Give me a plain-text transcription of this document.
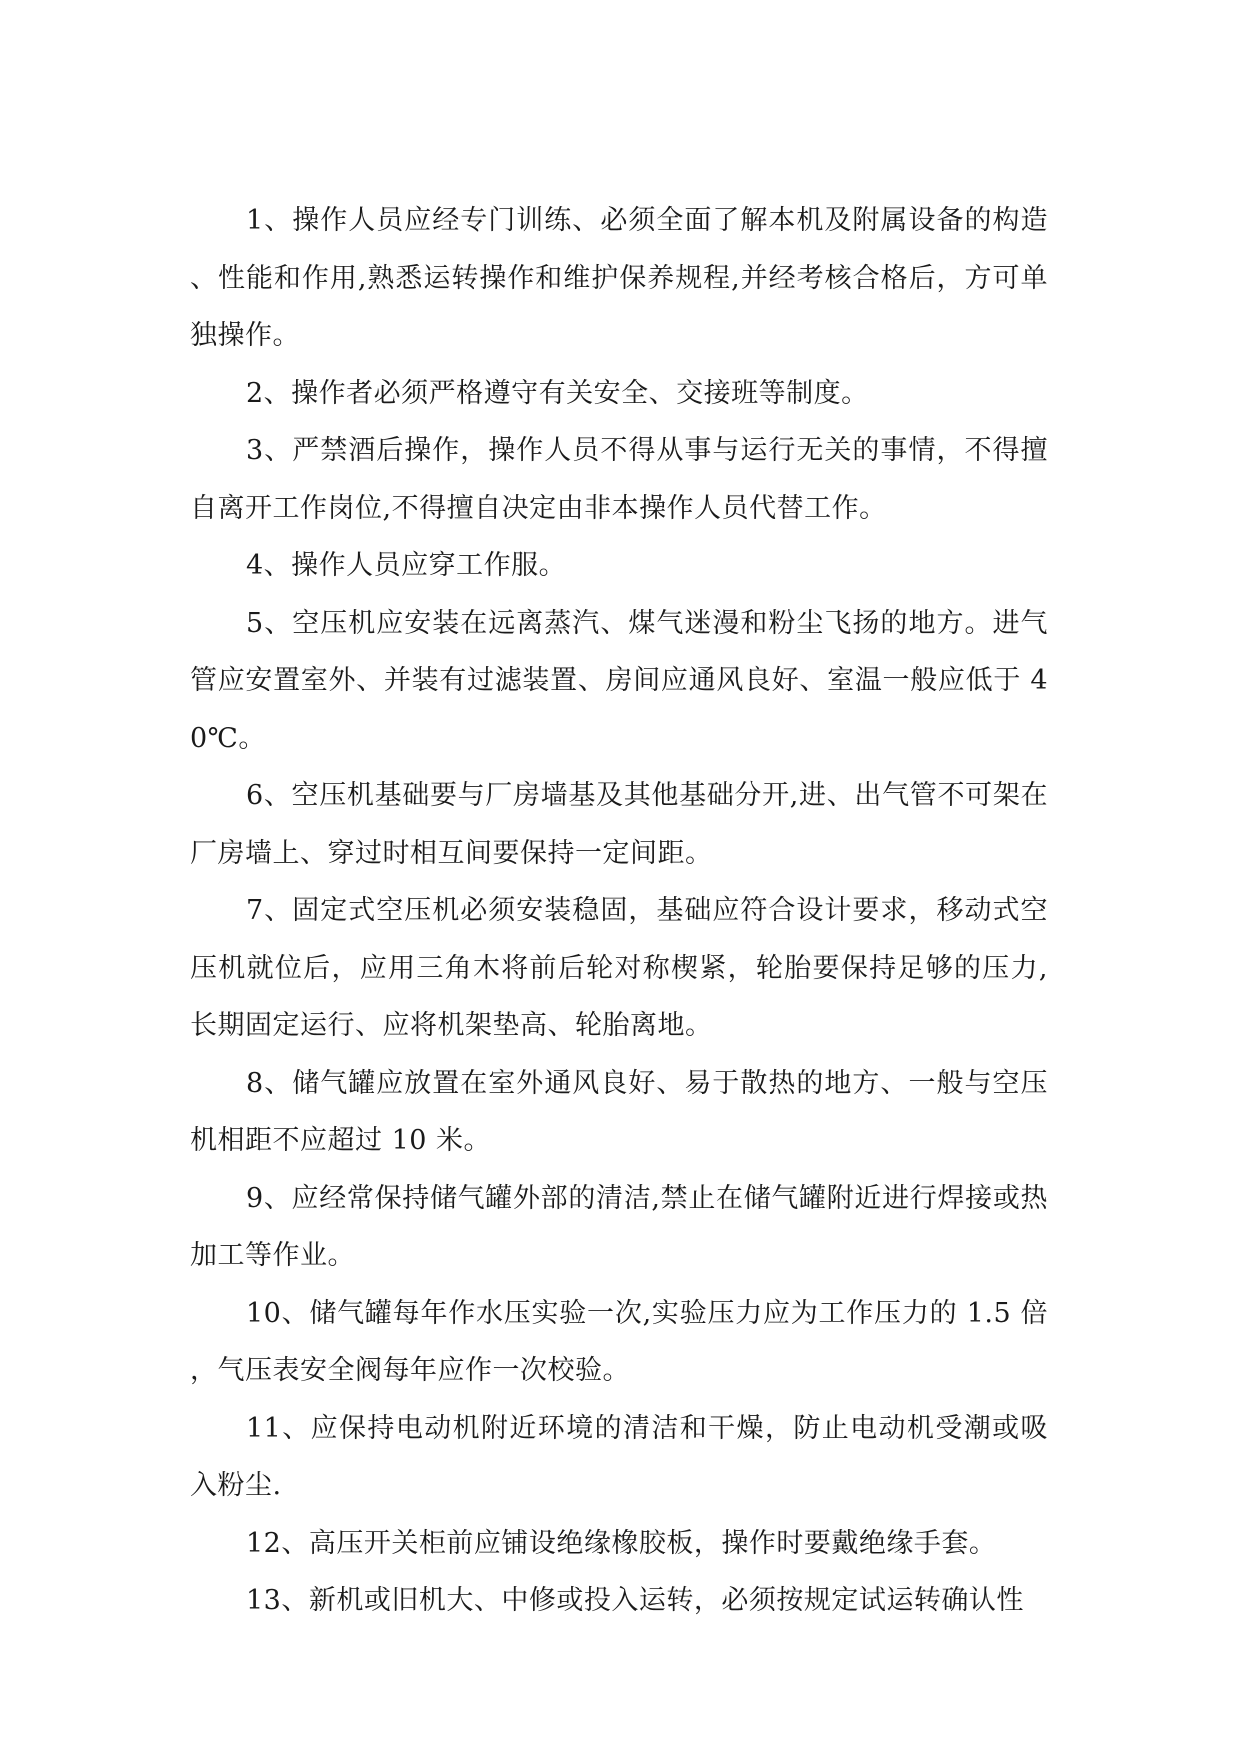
1、操作人员应经专门训练、必须全面了解本机及附属设备的构造、性能和作用,熟悉运转操作和维护保养规程,并经考核合格后，方可单独操作。

2、操作者必须严格遵守有关安全、交接班等制度。

3、严禁酒后操作，操作人员不得从事与运行无关的事情，不得擅自离开工作岗位,不得擅自决定由非本操作人员代替工作。

4、操作人员应穿工作服。

5、空压机应安装在远离蒸汽、煤气迷漫和粉尘飞扬的地方。进气管应安置室外、并装有过滤装置、房间应通风良好、室温一般应低于 40℃。

6、空压机基础要与厂房墙基及其他基础分开,进、出气管不可架在厂房墙上、穿过时相互间要保持一定间距。

7、固定式空压机必须安装稳固，基础应符合设计要求，移动式空压机就位后，应用三角木将前后轮对称楔紧，轮胎要保持足够的压力,长期固定运行、应将机架垫高、轮胎离地。

8、储气罐应放置在室外通风良好、易于散热的地方、一般与空压机相距不应超过 10 米。

9、应经常保持储气罐外部的清洁,禁止在储气罐附近进行焊接或热加工等作业。

10、储气罐每年作水压实验一次,实验压力应为工作压力的 1.5 倍，气压表安全阀每年应作一次校验。

11、应保持电动机附近环境的清洁和干燥，防止电动机受潮或吸入粉尘.

12、高压开关柜前应铺设绝缘橡胶板，操作时要戴绝缘手套。

13、新机或旧机大、中修或投入运转，必须按规定试运转确认性
